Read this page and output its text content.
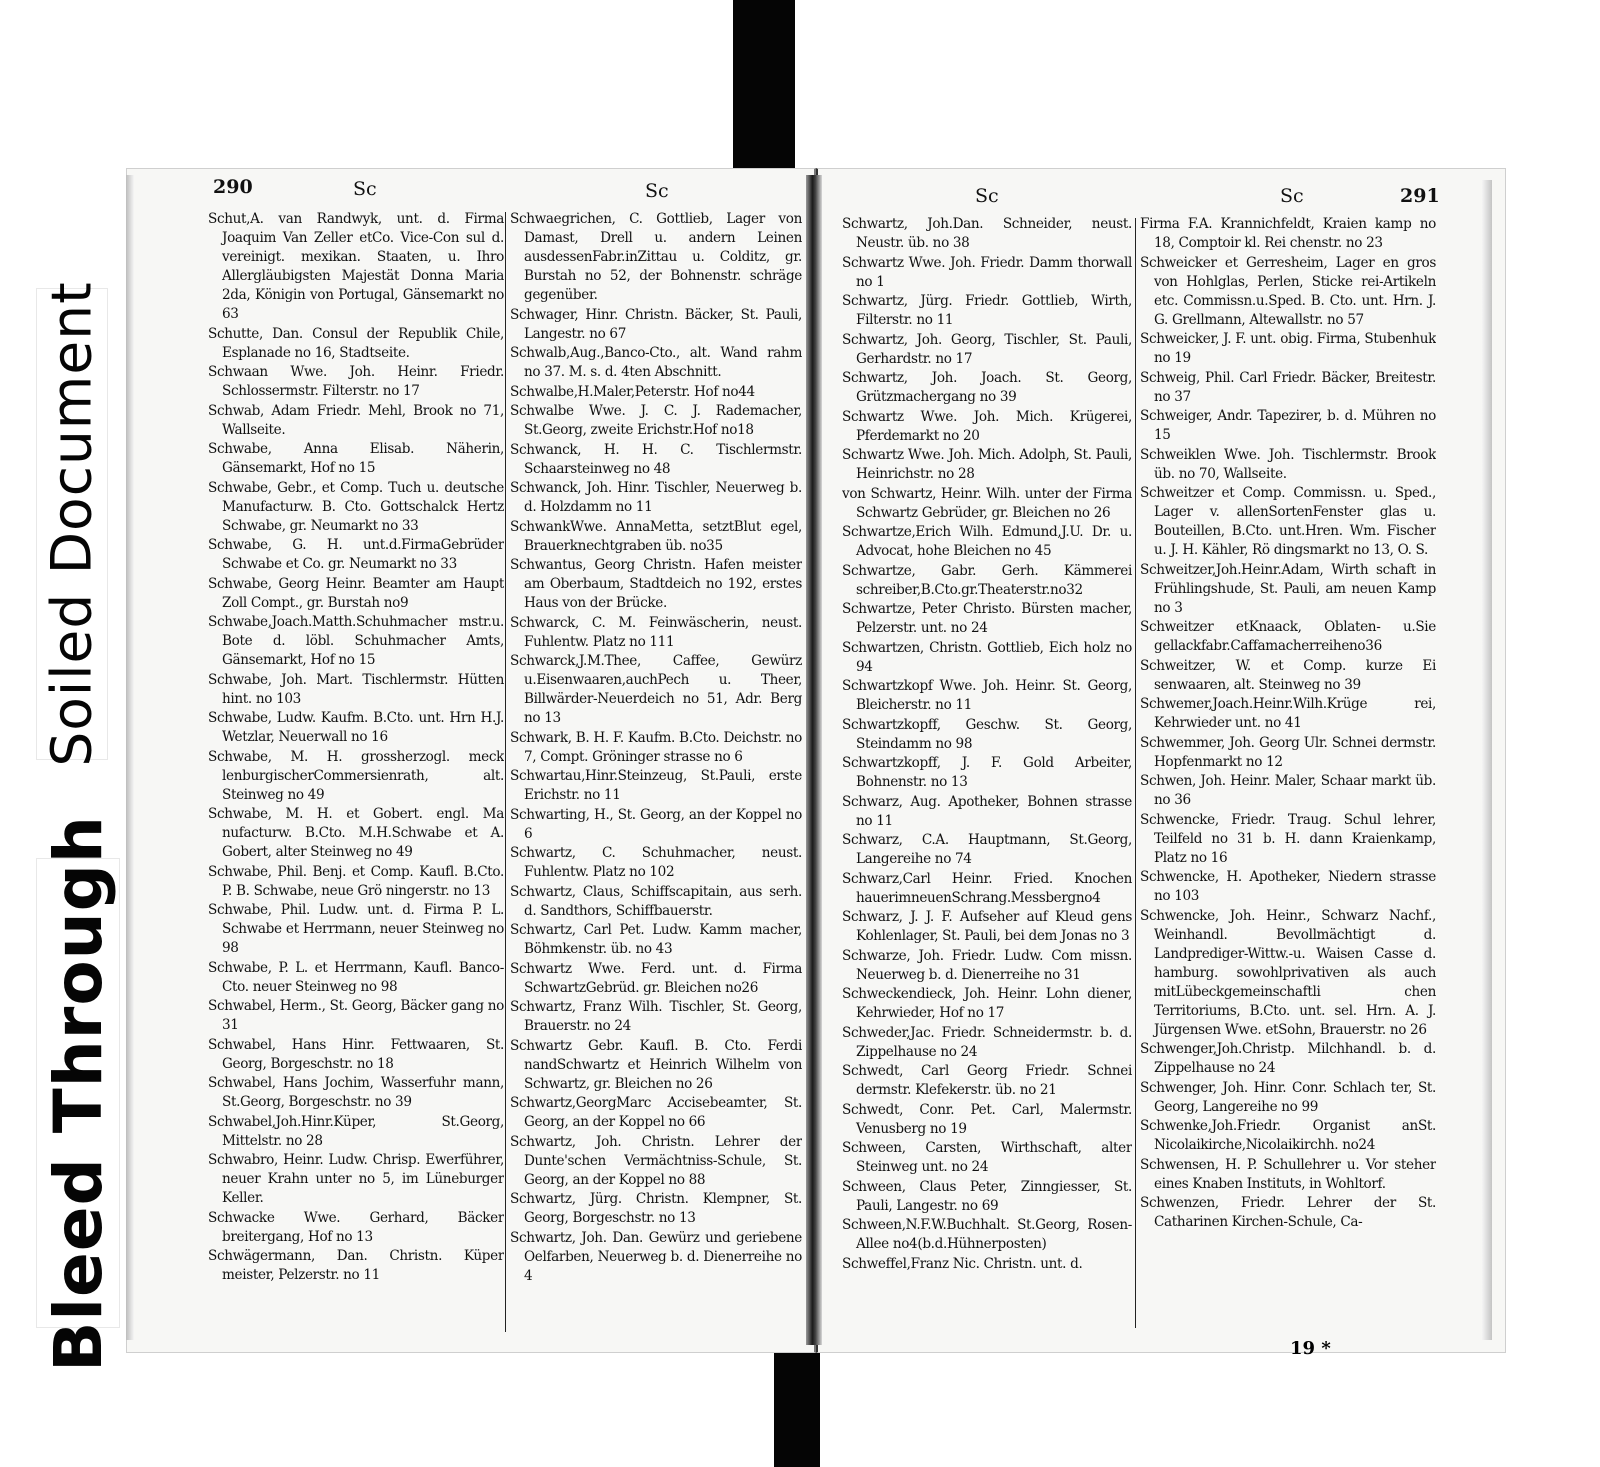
Soiled Document
Bleed Through
290	Sc	Sc	Sc	Sc	291
Schut,A. van Randwyk, unt. d. Firma Joaquim Van Zeller etCo. Vice-Con sul d. vereinigt. mexikan. Staaten, u. Ihro Allergläubigsten Majestät Donna Maria 2da, Königin von Portugal, Gänsemarkt no 63
Schutte, Dan. Consul der Republik Chile, Esplanade no 16, Stadtseite.
Schwaan Wwe. Joh. Heinr. Friedr. Schlossermstr. Filterstr. no 17
Schwab, Adam Friedr. Mehl, Brook no 71, Wallseite.
Schwabe, Anna Elisab. Näherin, Gänsemarkt, Hof no 15
Schwabe, Gebr., et Comp. Tuch u. deutsche Manufacturw. B. Cto. Gottschalck Hertz Schwabe, gr. Neumarkt no 33
Schwabe, G. H. unt.d.FirmaGebrüder Schwabe et Co. gr. Neumarkt no 33
Schwabe, Georg Heinr. Beamter am Haupt Zoll Compt., gr. Burstah no9
Schwabe,Joach.Matth.Schuhmacher mstr.u. Bote d. löbl. Schuhmacher Amts, Gänsemarkt, Hof no 15
Schwabe, Joh. Mart. Tischlermstr. Hütten hint. no 103
Schwabe, Ludw. Kaufm. B.Cto. unt. Hrn H.J. Wetzlar, Neuerwall no 16
Schwabe, M. H. grossherzogl. meck lenburgischerCommersienrath, alt. Steinweg no 49
Schwabe, M. H. et Gobert. engl. Ma nufacturw. B.Cto. M.H.Schwabe et A. Gobert, alter Steinweg no 49
Schwabe, Phil. Benj. et Comp. Kaufl. B.Cto. P. B. Schwabe, neue Grö ningerstr. no 13
Schwabe, Phil. Ludw. unt. d. Firma P. L. Schwabe et Herrmann, neuer Steinweg no 98
Schwabe, P. L. et Herrmann, Kaufl. Banco-Cto. neuer Steinweg no 98
Schwabel, Herm., St. Georg, Bäcker gang no 31
Schwabel, Hans Hinr. Fettwaaren, St. Georg, Borgeschstr. no 18
Schwabel, Hans Jochim, Wasserfuhr mann, St.Georg, Borgeschstr. no 39
Schwabel,Joh.Hinr.Küper, St.Georg, Mittelstr. no 28
Schwabro, Heinr. Ludw. Chrisp. Ewerführer, neuer Krahn unter no 5, im Lüneburger Keller.
Schwacke Wwe. Gerhard, Bäcker breitergang, Hof no 13
Schwägermann, Dan. Christn. Küper meister, Pelzerstr. no 11
Schwaegrichen, C. Gottlieb, Lager von Damast, Drell u. andern Leinen ausdessenFabr.inZittau u. Colditz, gr. Burstah no 52, der Bohnenstr. schräge gegenüber.
Schwager, Hinr. Christn. Bäcker, St. Pauli, Langestr. no 67
Schwalb,Aug.,Banco-Cto., alt. Wand rahm no 37. M. s. d. 4ten Abschnitt.
Schwalbe,H.Maler,Peterstr. Hof no44
Schwalbe Wwe. J. C. J. Rademacher, St.Georg, zweite Erichstr.Hof no18
Schwanck, H. H. C. Tischlermstr. Schaarsteinweg no 48
Schwanck, Joh. Hinr. Tischler, Neuerweg b. d. Holzdamm no 11
SchwankWwe. AnnaMetta, setztBlut egel, Brauerknechtgraben üb. no35
Schwantus, Georg Christn. Hafen meister am Oberbaum, Stadtdeich no 192, erstes Haus von der Brücke.
Schwarck, C. M. Feinwäscherin, neust. Fuhlentw. Platz no 111
Schwarck,J.M.Thee, Caffee, Gewürz u.Eisenwaaren,auchPech u. Theer, Billwärder-Neuerdeich no 51, Adr. Berg no 13
Schwark, B. H. F. Kaufm. B.Cto. Deichstr. no 7, Compt. Gröninger strasse no 6
Schwartau,Hinr.Steinzeug, St.Pauli, erste Erichstr. no 11
Schwarting, H., St. Georg, an der Koppel no 6
Schwartz, C. Schuhmacher, neust. Fuhlentw. Platz no 102
Schwartz, Claus, Schiffscapitain, aus serh. d. Sandthors, Schiffbauerstr.
Schwartz, Carl Pet. Ludw. Kamm macher, Böhmkenstr. üb. no 43
Schwartz Wwe. Ferd. unt. d. Firma SchwartzGebrüd. gr. Bleichen no26
Schwartz, Franz Wilh. Tischler, St. Georg, Brauerstr. no 24
Schwartz Gebr. Kaufl. B. Cto. Ferdi nandSchwartz et Heinrich Wilhelm von Schwartz, gr. Bleichen no 26
Schwartz,GeorgMarc Accisebeamter, St. Georg, an der Koppel no 66
Schwartz, Joh. Christn. Lehrer der Dunte'schen Vermächtniss-Schule, St. Georg, an der Koppel no 88
Schwartz, Jürg. Christn. Klempner, St. Georg, Borgeschstr. no 13
Schwartz, Joh. Dan. Gewürz und geriebene Oelfarben, Neuerweg b. d. Dienerreihe no 4
Schwartz, Joh.Dan. Schneider, neust. Neustr. üb. no 38
Schwartz Wwe. Joh. Friedr. Damm thorwall no 1
Schwartz, Jürg. Friedr. Gottlieb, Wirth, Filterstr. no 11
Schwartz, Joh. Georg, Tischler, St. Pauli, Gerhardstr. no 17
Schwartz, Joh. Joach. St. Georg, Grützmachergang no 39
Schwartz Wwe. Joh. Mich. Krügerei, Pferdemarkt no 20
Schwartz Wwe. Joh. Mich. Adolph, St. Pauli, Heinrichstr. no 28
von Schwartz, Heinr. Wilh. unter der Firma Schwartz Gebrüder, gr. Bleichen no 26
Schwartze,Erich Wilh. Edmund,J.U. Dr. u. Advocat, hohe Bleichen no 45
Schwartze, Gabr. Gerh. Kämmerei schreiber,B.Cto.gr.Theaterstr.no32
Schwartze, Peter Christo. Bürsten macher, Pelzerstr. unt. no 24
Schwartzen, Christn. Gottlieb, Eich holz no 94
Schwartzkopf Wwe. Joh. Heinr. St. Georg, Bleicherstr. no 11
Schwartzkopff, Geschw. St. Georg, Steindamm no 98
Schwartzkopff, J. F. Gold Arbeiter, Bohnenstr. no 13
Schwarz, Aug. Apotheker, Bohnen strasse no 11
Schwarz, C.A. Hauptmann, St.Georg, Langereihe no 74
Schwarz,Carl Heinr. Fried. Knochen hauerimneuenSchrang.Messbergno4
Schwarz, J. J. F. Aufseher auf Kleud gens Kohlenlager, St. Pauli, bei dem Jonas no 3
Schwarze, Joh. Friedr. Ludw. Com missn. Neuerweg b. d. Dienerreihe no 31
Schweckendieck, Joh. Heinr. Lohn diener, Kehrwieder, Hof no 17
Schweder,Jac. Friedr. Schneidermstr. b. d. Zippelhause no 24
Schwedt, Carl Georg Friedr. Schnei dermstr. Klefekerstr. üb. no 21
Schwedt, Conr. Pet. Carl, Malermstr. Venusberg no 19
Schween, Carsten, Wirthschaft, alter Steinweg unt. no 24
Schween, Claus Peter, Zinngiesser, St. Pauli, Langestr. no 69
Schween,N.F.W.Buchhalt. St.Georg, Rosen-Allee no4(b.d.Hühnerposten)
Schweffel,Franz Nic. Christn. unt. d.
Firma F.A. Krannichfeldt, Kraien kamp no 18, Comptoir kl. Rei chenstr. no 23
Schweicker et Gerresheim, Lager en gros von Hohlglas, Perlen, Sticke rei-Artikeln etc. Commissn.u.Sped. B. Cto. unt. Hrn. J. G. Grellmann, Altewallstr. no 57
Schweicker, J. F. unt. obig. Firma, Stubenhuk no 19
Schweig, Phil. Carl Friedr. Bäcker, Breitestr. no 37
Schweiger, Andr. Tapezirer, b. d. Mühren no 15
Schweiklen Wwe. Joh. Tischlermstr. Brook üb. no 70, Wallseite.
Schweitzer et Comp. Commissn. u. Sped., Lager v. allenSortenFenster glas u. Bouteillen, B.Cto. unt.Hren. Wm. Fischer u. J. H. Kähler, Rö dingsmarkt no 13, O. S.
Schweitzer,Joh.Heinr.Adam, Wirth schaft in Frühlingshude, St. Pauli, am neuen Kamp no 3
Schweitzer etKnaack, Oblaten- u.Sie gellackfabr.Caffamacherreiheno36
Schweitzer, W. et Comp. kurze Ei senwaaren, alt. Steinweg no 39
Schwemer,Joach.Heinr.Wilh.Krüge rei, Kehrwieder unt. no 41
Schwemmer, Joh. Georg Ulr. Schnei dermstr. Hopfenmarkt no 12
Schwen, Joh. Heinr. Maler, Schaar markt üb. no 36
Schwencke, Friedr. Traug. Schul lehrer, Teilfeld no 31 b. H. dann Kraienkamp, Platz no 16
Schwencke, H. Apotheker, Niedern strasse no 103
Schwencke, Joh. Heinr., Schwarz Nachf., Weinhandl. Bevollmächtigt d. Landprediger-Wittw.-u. Waisen Casse d. hamburg. sowohlprivativen als auch mitLübeckgemeinschaftli chen Territoriums, B.Cto. unt. sel. Hrn. A. J. Jürgensen Wwe. etSohn, Brauerstr. no 26
Schwenger,Joh.Christp. Milchhandl. b. d. Zippelhause no 24
Schwenger, Joh. Hinr. Conr. Schlach ter, St. Georg, Langereihe no 99
Schwenke,Joh.Friedr. Organist anSt. Nicolaikirche,Nicolaikirchh. no24
Schwensen, H. P. Schullehrer u. Vor steher eines Knaben Instituts, in Wohltorf.
Schwenzen, Friedr. Lehrer der St. Catharinen Kirchen-Schule, Ca-
19 *
